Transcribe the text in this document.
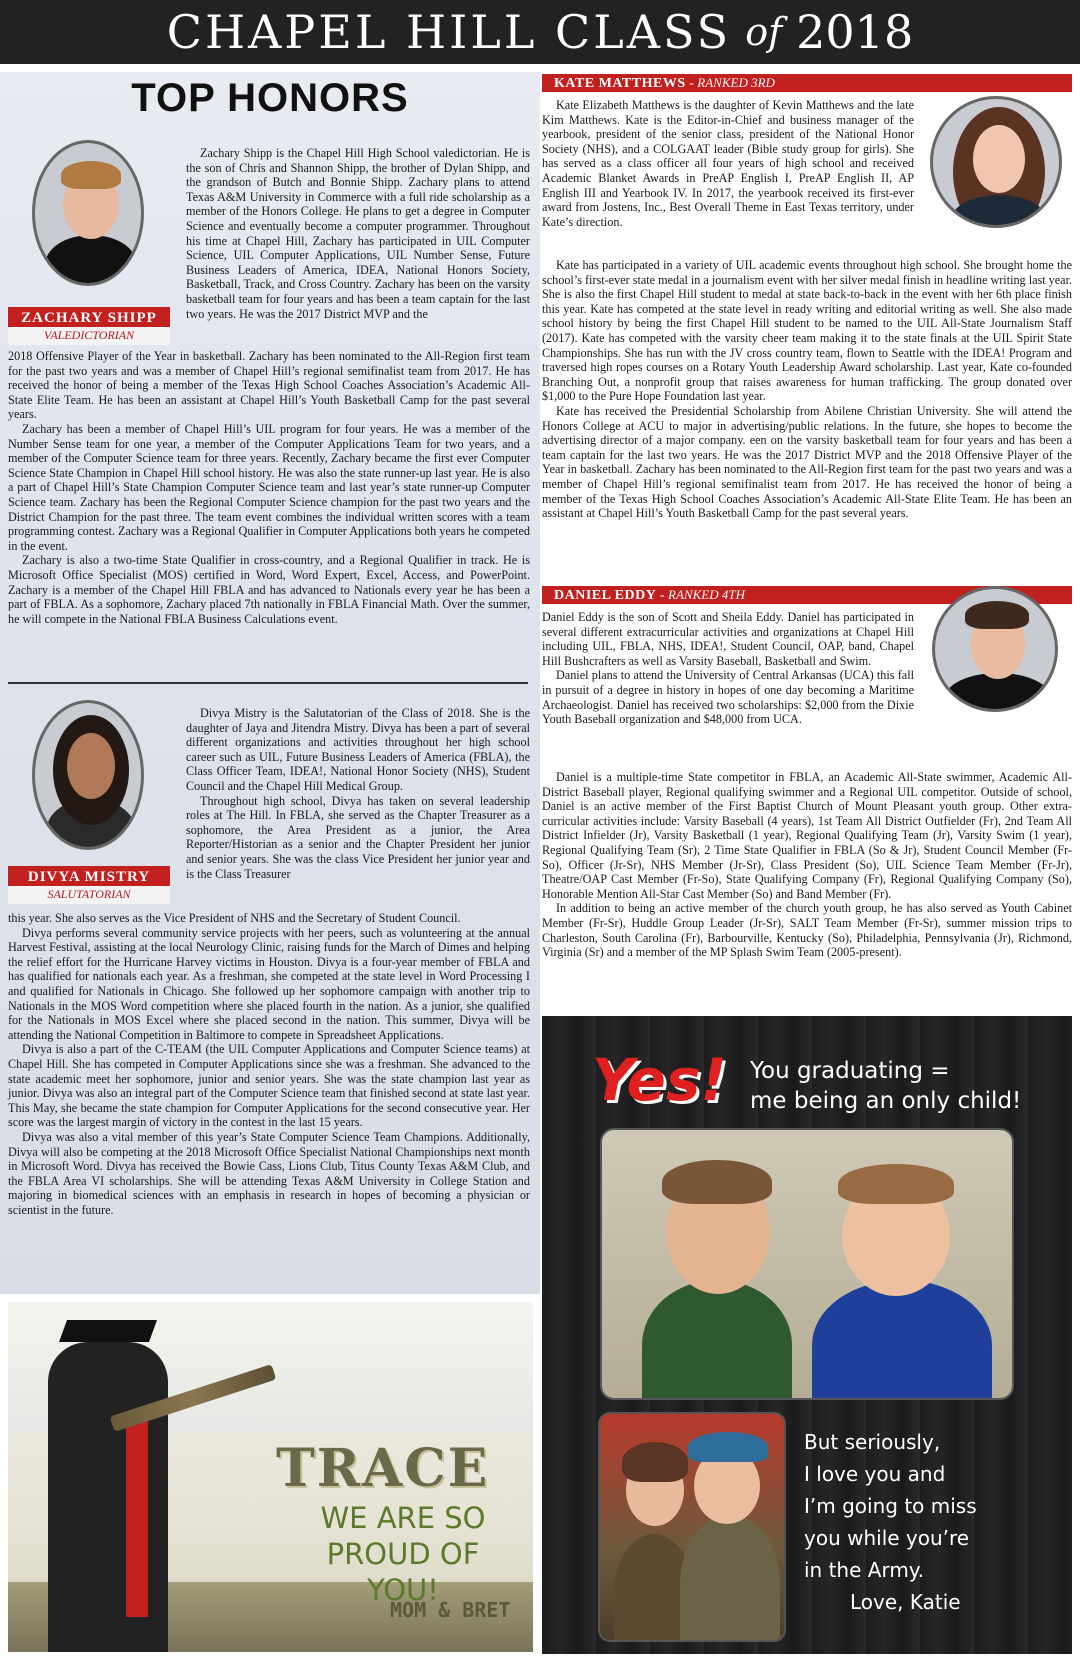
CHAPEL HILL CLASS of 2018
TOP HONORS
ZACHARY SHIPP
VALEDICTORIAN

Zachary Shipp is the Chapel Hill High School valedictorian. He is the son of Chris and Shannon Shipp, the brother of Dylan Shipp, and the grandson of Butch and Bonnie Shipp. Zachary plans to attend Texas A&M University in Commerce with a full ride scholarship as a member of the Honors College. He plans to get a degree in Computer Science and eventually become a computer programmer. Throughout his time at Chapel Hill, Zachary has participated in UIL Computer Science, UIL Computer Applications, UIL Number Sense, Future Business Leaders of America, IDEA, National Honors Society, Basketball, Track, and Cross Country. Zachary has been on the varsity basketball team for four years and has been a team captain for the last two years. He was the 2017 District MVP and the

2018 Offensive Player of the Year in basketball. Zachary has been nominated to the All-Region first team for the past two years and was a member of Chapel Hill’s regional semifinalist team from 2017. He has received the honor of being a member of the Texas High School Coaches Association’s Academic All-State Elite Team. He has been an assistant at Chapel Hill’s Youth Basketball Camp for the past several years.

Zachary has been a member of Chapel Hill’s UIL program for four years. He was a member of the Number Sense team for one year, a member of the Computer Applications Team for two years, and a member of the Computer Science team for three years. Recently, Zachary became the first ever Computer Science State Champion in Chapel Hill school history. He was also the state runner-up last year. He is also a part of Chapel Hill’s State Champion Computer Science team and last year’s state runner-up Computer Science team. Zachary has been the Regional Computer Science champion for the past two years and the District Champion for the past three. The team event combines the individual written scores with a team programming contest. Zachary was a Regional Qualifier in Computer Applications both years he competed in the event.

Zachary is also a two-time State Qualifier in cross-country, and a Regional Qualifier in track. He is Microsoft Office Specialist (MOS) certified in Word, Word Expert, Excel, Access, and PowerPoint. Zachary is a member of the Chapel Hill FBLA and has advanced to Nationals every year he has been a part of FBLA. As a sophomore, Zachary placed 7th nationally in FBLA Financial Math. Over the summer, he will compete in the National FBLA Business Calculations event.

DIVYA MISTRY
SALUTATORIAN

Divya Mistry is the Salutatorian of the Class of 2018. She is the daughter of Jaya and Jitendra Mistry. Divya has been a part of several different organizations and activities throughout her high school career such as UIL, Future Business Leaders of America (FBLA), the Class Officer Team, IDEA!, National Honor Society (NHS), Student Council and the Chapel Hill Medical Group.

Throughout high school, Divya has taken on several leadership roles at The Hill. In FBLA, she served as the Chapter Treasurer as a sophomore, the Area President as a junior, the Area Reporter/Historian as a senior and the Chapter President her junior and senior years. She was the class Vice President her junior year and is the Class Treasurer

this year. She also serves as the Vice President of NHS and the Secretary of Student Council.

Divya performs several community service projects with her peers, such as volunteering at the annual Harvest Festival, assisting at the local Neurology Clinic, raising funds for the March of Dimes and helping the relief effort for the Hurricane Harvey victims in Houston. Divya is a four-year member of FBLA and has qualified for nationals each year. As a freshman, she competed at the state level in Word Processing I and qualified for Nationals in Chicago. She followed up her sophomore campaign with another trip to Nationals in the MOS Word competition where she placed fourth in the nation. As a junior, she qualified for the Nationals in MOS Excel where she placed second in the nation. This summer, Divya will be attending the National Competition in Baltimore to compete in Spreadsheet Applications.

Divya is also a part of the C-TEAM (the UIL Computer Applications and Computer Science teams) at Chapel Hill. She has competed in Computer Applications since she was a freshman. She advanced to the state academic meet her sophomore, junior and senior years. She was the state champion last year as junior. Divya was also an integral part of the Computer Science team that finished second at state last year. This May, she became the state champion for Computer Applications for the second consecutive year. Her score was the largest margin of victory in the contest in the last 15 years.

Divya was also a vital member of this year’s State Computer Science Team Champions. Additionally, Divya will also be competing at the 2018 Microsoft Office Specialist National Championships next month in Microsoft Word. Divya has received the Bowie Cass, Lions Club, Titus County Texas A&M Club, and the FBLA Area VI scholarships. She will be attending Texas A&M University in College Station and majoring in biomedical sciences with an emphasis in research in hopes of becoming a physician or scientist in the future.

TRACE
WE ARE SO
PROUD OF YOU!
MOM & BRET
KATE MATTHEWS - RANKED 3RD

Kate Elizabeth Matthews is the daughter of Kevin Matthews and the late Kim Matthews. Kate is the Editor-in-Chief and business manager of the yearbook, president of the senior class, president of the National Honor Society (NHS), and a COLGAAT leader (Bible study group for girls). She has served as a class officer all four years of high school and received Academic Blanket Awards in PreAP English I, PreAP English II, AP English III and Yearbook IV. In 2017, the yearbook received its first-ever award from Jostens, Inc., Best Overall Theme in East Texas territory, under Kate’s direction.

Kate has participated in a variety of UIL academic events throughout high school. She brought home the school’s first-ever state medal in a journalism event with her silver medal finish in headline writing last year. She is also the first Chapel Hill student to medal at state back-to-back in the event with her 6th place finish this year. Kate has competed at the state level in ready writing and editorial writing as well. She also made school history by being the first Chapel Hill student to be named to the UIL All-State Journalism Staff (2017). Kate has competed with the varsity cheer team making it to the state finals at the UIL Spirit State Championships. She has run with the JV cross country team, flown to Seattle with the IDEA! Program and traversed high ropes courses on a Rotary Youth Leadership Award scholarship. Last year, Kate co-founded Branching Out, a nonprofit group that raises awareness for human trafficking. The group donated over $1,000 to the Pure Hope Foundation last year.

Kate has received the Presidential Scholarship from Abilene Christian University. She will attend the Honors College at ACU to major in advertising/public relations. In the future, she hopes to become the advertising director of a major company. een on the varsity basketball team for four years and has been a team captain for the last two years. He was the 2017 District MVP and the 2018 Offensive Player of the Year in basketball. Zachary has been nominated to the All-Region first team for the past two years and was a member of Chapel Hill’s regional semifinalist team from 2017. He has received the honor of being a member of the Texas High School Coaches Association’s Academic All-State Elite Team. He has been an assistant at Chapel Hill’s Youth Basketball Camp for the past several years.

DANIEL EDDY - RANKED 4TH

Daniel Eddy is the son of Scott and Sheila Eddy. Daniel has participated in several different extracurricular activities and organizations at Chapel Hill including UIL, FBLA, NHS, IDEA!, Student Council, OAP, band, Chapel Hill Bushcrafters as well as Varsity Baseball, Basketball and Swim.

Daniel plans to attend the University of Central Arkansas (UCA) this fall in pursuit of a degree in history in hopes of one day becoming a Maritime Archaeologist. Daniel has received two scholarships: $2,000 from the Dixie Youth Baseball organization and $48,000 from UCA.

Daniel is a multiple-time State competitor in FBLA, an Academic All-State swimmer, Academic All-District Baseball player, Regional qualifying swimmer and a Regional UIL competitor. Outside of school, Daniel is an active member of the First Baptist Church of Mount Pleasant youth group. Other extra-curricular activities include: Varsity Baseball (4 years), 1st Team All District Outfielder (Fr), 2nd Team All District Infielder (Jr), Varsity Basketball (1 year), Regional Qualifying Team (Jr), Varsity Swim (1 year), Regional Qualifying Team (Sr), 2 Time State Qualifier in FBLA (So & Jr), Student Council Member (Fr-So), Officer (Jr-Sr), NHS Member (Jr-Sr), Class President (So), UIL Science Team Member (Fr-Jr), Theatre/OAP Cast Member (Fr-So), State Qualifying Company (Fr), Regional Qualifying Company (So), Honorable Mention All-Star Cast Member (So) and Band Member (Fr).

In addition to being an active member of the church youth group, he has also served as Youth Cabinet Member (Fr-Sr), Huddle Group Leader (Jr-Sr), SALT Team Member (Fr-Sr), summer mission trips to Charleston, South Carolina (Fr), Barbourville, Kentucky (So), Philadelphia, Pennsylvania (Jr), Richmond, Virginia (Sr) and a member of the MP Splash Swim Team (2005-present).

Yes! You graduating =
me being an only child!
But seriously,
I love you and
I’m going to miss
you while you’re
in the Army.
Love, Katie
